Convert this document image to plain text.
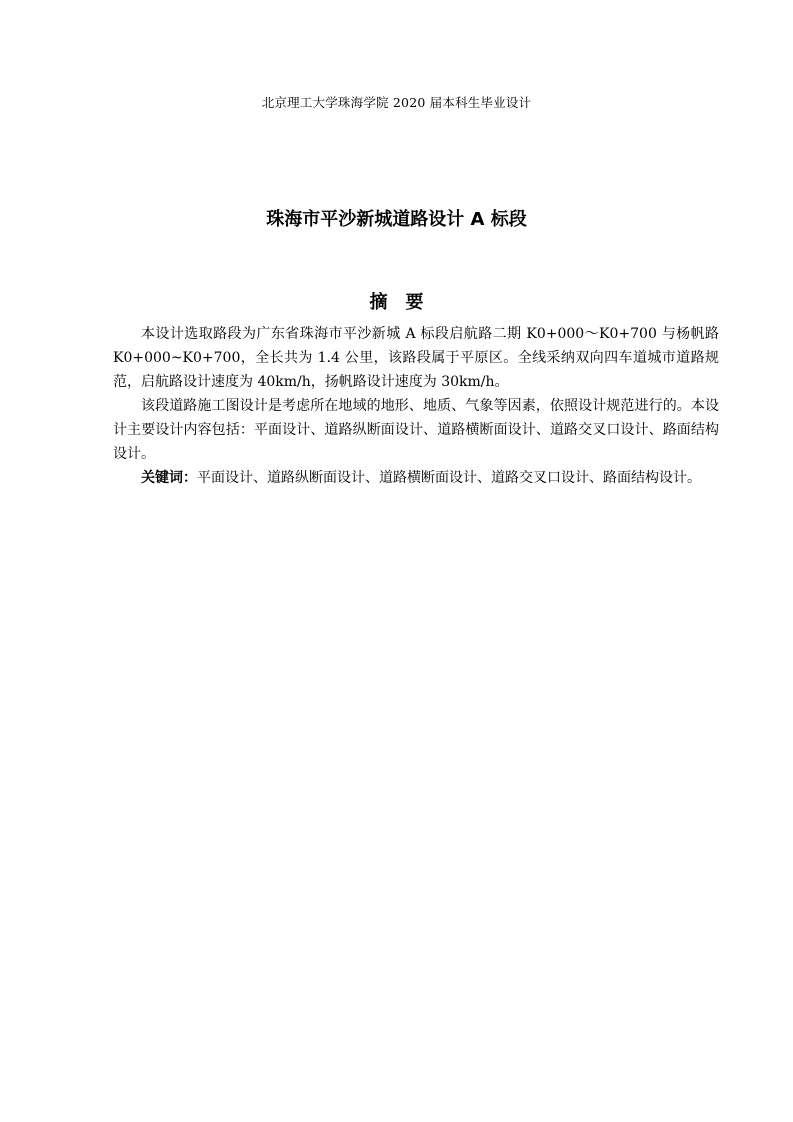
北京理工大学珠海学院 2020 届本科生毕业设计
珠海市平沙新城道路设计 A 标段
摘要

本设计选取路段为广东省珠海市平沙新城 A 标段启航路二期 K0+000～K0+700 与杨帆路 K0+000~K0+700，全长共为 1.4 公里，该路段属于平原区。全线采纳双向四车道城市道路规范，启航路设计速度为 40km/h，扬帆路设计速度为 30km/h。

该段道路施工图设计是考虑所在地域的地形、地质、气象等因素，依照设计规范进行的。本设计主要设计内容包括：平面设计、道路纵断面设计、道路横断面设计、道路交叉口设计、路面结构设计。

关键词：平面设计、道路纵断面设计、道路横断面设计、道路交叉口设计、路面结构设计。
